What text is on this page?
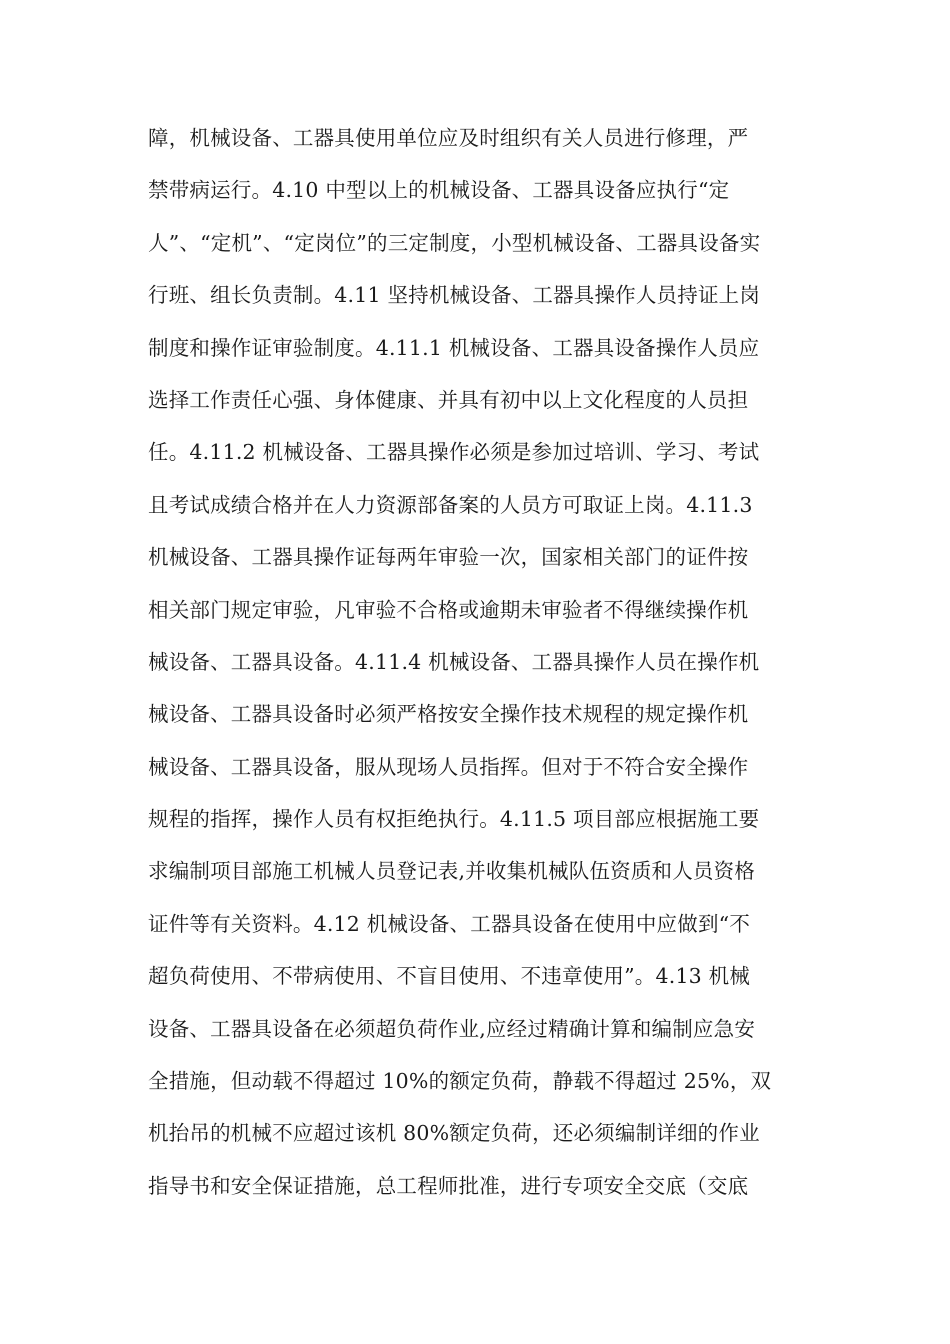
障，机械设备、工器具使用单位应及时组织有关人员进行修理，严
禁带病运行。4.10 中型以上的机械设备、工器具设备应执行“定
人”、“定机”、“定岗位”的三定制度，小型机械设备、工器具设备实
行班、组长负责制。4.11 坚持机械设备、工器具操作人员持证上岗
制度和操作证审验制度。4.11.1 机械设备、工器具设备操作人员应
选择工作责任心强、身体健康、并具有初中以上文化程度的人员担
任。4.11.2 机械设备、工器具操作必须是参加过培训、学习、考试
且考试成绩合格并在人力资源部备案的人员方可取证上岗。4.11.3
机械设备、工器具操作证每两年审验一次，国家相关部门的证件按
相关部门规定审验，凡审验不合格或逾期未审验者不得继续操作机
械设备、工器具设备。4.11.4 机械设备、工器具操作人员在操作机
械设备、工器具设备时必须严格按安全操作技术规程的规定操作机
械设备、工器具设备，服从现场人员指挥。但对于不符合安全操作
规程的指挥，操作人员有权拒绝执行。4.11.5 项目部应根据施工要
求编制项目部施工机械人员登记表,并收集机械队伍资质和人员资格
证件等有关资料。4.12 机械设备、工器具设备在使用中应做到“不
超负荷使用、不带病使用、不盲目使用、不违章使用”。4.13 机械
设备、工器具设备在必须超负荷作业,应经过精确计算和编制应急安
全措施，但动载不得超过 10%的额定负荷，静载不得超过 25%，双
机抬吊的机械不应超过该机 80%额定负荷，还必须编制详细的作业
指导书和安全保证措施，总工程师批准，进行专项安全交底（交底
